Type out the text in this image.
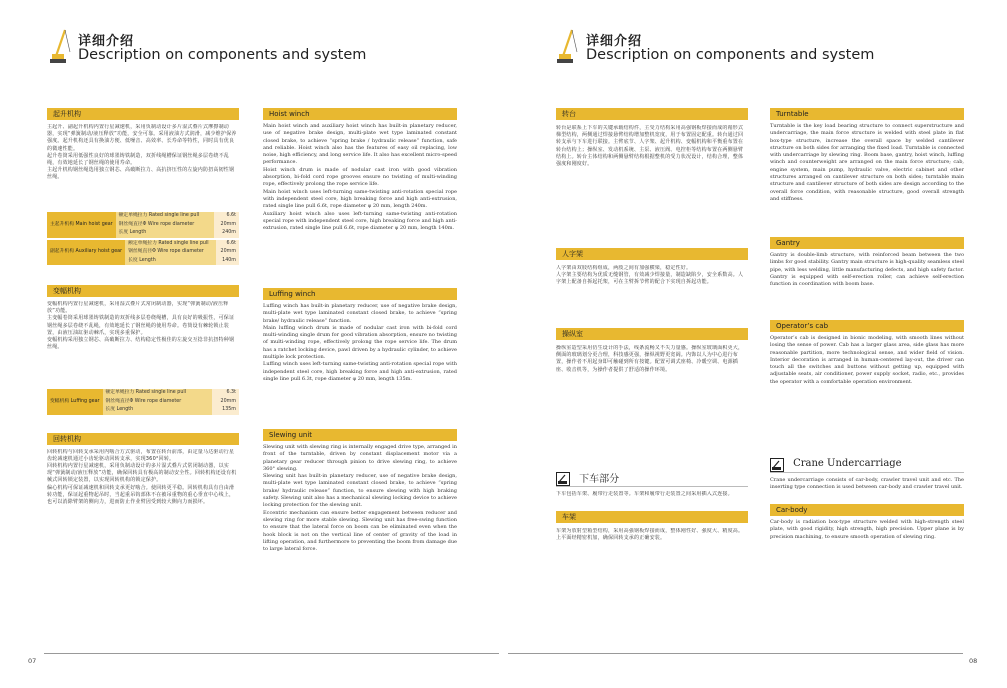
详细介绍
Description on components and system
详细介绍
Description on components and system
起升机构
主起升、副起升机构内置行星减速机，采用负制动设计多片湿式叠片式摩擦制动器，实现“弹簧制动/液压释放”功能，安全可靠。采用液油方式润滑，减少维护保养强度。起升机构还具有换油方便、低噪音、高效率、长寿命等特性，同时具有优良的微速性能。
起升卷筒采用低强性良好的球墨铸铁制造，双折线绳槽保证钢丝绳多层卷绕不乱绳，有效地延长了钢丝绳的使用寿命。
主起升机构钢丝绳选用独立钢芯、高破断拉力、高抗挤压性的左旋内防扭高韧性钢丝绳。
主起升机构 Main hoist gear	额定单绳拉力 Rated single line pull	6.6t
	钢丝绳直径Φ Wire rope diameter	20mm
	长度 Length	240m
副起升机构 Auxiliary hoist gear	额定单绳拉力 Rated single line pull	6.6t
	钢丝绳直径Φ Wire rope diameter	20mm
	长度 Length	140m
变幅机构
变幅机构内置行星减速机，采用湿式叠片式常闭制动器，实现“弹簧制动/液压释放”功能。
主变幅卷筒采用球墨铸铁制造的双折线多层卷绕绳槽，具有良好的吸振性，可保证钢丝绳多层卷绕不乱绳，有效地延长了钢丝绳的使用寿命。卷筒设有棘轮锁止装置，由液压油缸驱动棘爪，实现多重保护。
变幅机构采用独立钢芯、高破断拉力、结构稳定性极佳的左旋交互捻非抗扭特种钢丝绳。
变幅机构 Luffing gear	额定单绳拉力 Rated single line pull	6.3t
	钢丝绳直径Φ Wire rope diameter	20mm
	长度 Length	135m
回转机构
回转机构与回转支承采用内啮合方式驱动，布置在转台前部，由定量马达驱动行星齿轮减速机通过小齿轮驱动回转支承，实现360°回转。
回转机构内置行星减速机，采用负制动设计的多片湿式叠片式常闭制动器，以实现“弹簧制动/液压释放”功能，确保回转具有极高的制动安全性。回转机构还设有机械式回转锁定装置，以实现回转机构的锁定保护。
偏心机构可保证减速机和回转支承更好啮合。使回转更平稳。回转机构具有自由滑转功能，保证起重物起吊时，当起重吊钩部体不在被吊重物的重心垂直中心线上，也可以消除臂架的侧向力，进而防止作业臂因受到较大侧向力而损坏。
Hoist winch
Main hoist winch and auxiliary hoist winch has built-in planetary reducer, use of negative brake design, multi-plate wet type laminated constant closed brake, to achieve “spring brake / hydraulic release” function, safe and reliable. Hoist winch also has the features of easy oil replacing, low noise, high efficiency, and long service life. It also has excellent micro-speed performance.
Hoist winch drum is made of nodular cast iron with good vibration absorption, bi-fold cord rope grooves ensure no twisting of multi-winding rope, effectively prolong the rope service life.
Main hoist winch uses left-turning same-twisting anti-rotation special rope with independent steel core, high breaking force and high anti-extrusion, rated single line pull 6.6t, rope diameter φ 20 mm, length 240m.
Auxiliary hoist winch also uses left-turning same-twisting anti-rotation special rope with independent steel core, high breaking force and high anti-extrusion, rated single line pull 6.6t, rope diameter φ 20 mm, length 140m.
Luffing winch
Luffing winch has built-in planetary reducer, use of negative brake design, multi-plate wet type laminated constant closed brake, to achieve “spring brake/ hydraulic release” function.
Main luffing winch drum is made of nodular cast iron with bi-fold cord multi-winding single drum for good vibration absorption, ensure no twisting of multi-winding rope, effectively prolong the rope service life. The drum has a ratchet locking device, pawl driven by a hydraulic cylinder, to achieve multiple lock protection.
Luffing winch uses left-turning same-twisting anti-rotation special rope with independent steel core, high breaking force and high anti-extrusion, rated single line pull 6.3t, rope diameter φ 20 mm, length 135m.
Slewing unit
Slewing unit with slewing ring is internally engaged drive type, arranged in front of the turntable, driven by constant displacement motor via a planetary gear reducer through pinion to drive slewing ring, to achieve 360° slewing.
Slewing unit has built-in planetary reducer, use of negative brake design, multi-plate wet type laminated constant closed brake, to achieve “spring brake/ hydraulic release” function, to ensure slewing with high braking safety. Slewing unit also has a mechanical slewing locking device to achieve locking protection for the slewing unit.
Eccentric mechanism can ensure better engagement between reducer and slewing ring for more stable slewing. Slewing unit has free-swing function to ensure that the lateral force on boom can be eliminated even when the hook block is not on the vertical line of center of gravity of the load in lifting operation, and furthermore to preventing the boom from damage due to large lateral force.
转台
转台是联系上下车的关键承载结构件，主受力结构采用高强钢板焊接而成的箱形式梯型结构，两侧通过焊接悬臂结构增加整机宽度，用于布置固定配重。转台通过回转支承与下车进行联接。主臂底节、人字架、起升机构、变幅机构和平衡重布置在转台结构上；操纵室、发动机系统、主泵、液压阀、电控柜等结构布置在两侧悬臂结构上。转台主体结构和两侧悬臂结构根据整机的受力状况设计，结构合理，整体强度和刚度好。
人字架
人字架由双肢结构组成，两肢之间有加强横梁，稳定性好。
人字架主要结构为优质无缝钢管，有效减少焊接量，制造缺陷少，安全系数高。人字架上配备自拆起托架，可在主臂拆节臂的配合下实现自拆起功能。
操纵室
操纵室造型采用仿生设计的手法，线条流畅又不失力量感。操纵室玻璃面积更大，侧面的玻璃划分更合理，科技感更强，操纵视野更宽阔。内饰以人为中心进行布置，操作者不用起身即可触碰到所有按键。配置可调式座椅、冷暖空调、电源插座、收音机等，为操作者提供了舒适的操作环境。
下车部分
下车包括车架、履带行走装置等。车架和履带行走装置之间采用插入式连接。
车架
车架为放射型箱型结构，采用高强钢板焊接而成，整体刚性好、强度大、精度高。上平面经精密机加，确保回转支承的正确安装。
Turntable
Turntable is the key load bearing structure to connect superstructure and undercarriage, the main force structure is welded with steel plate in flat box-type structure, increase the overall space by welded cantilever structure on both sides for arranging the fixed load. Turntable is connected with undercarriage by slewing ring. Boom base, gantry, hoist winch, luffing winch and counterweight are arranged on the main force structure; cab, engine system, main pump, hydraulic valve, electric cabinet and other structures arranged on cantilever structure on both sides; turntable main structure and cantilever structure of both sides are design according to the overall force condition, with reasonable structure, good overall strength and stiffness.
Gantry
Gantry is double-limb structure, with reinforced beam between the two limbs for good stability. Gantry main structure is high-quality seamless steel pipe, with less welding, little manufacturing defects, and high safety factor. Gantry is equipped with self-erection roller, can achieve self-erection function in coordination with boom base.
Operator’s cab
Operator’s cab is designed in bionic modeling, with smooth lines without losing the sense of power. Cab has a larger glass area, side glass has more reasonable partition, more technological sense, and wider field of vision. Interior decoration is arranged in human-centered lay-out, the driver can touch all the switches and buttons without getting up, equipped with adjustable seats, air conditioner, power supply socket, radio, etc., provides the operator with a comfortable operation environment.
Crane Undercarriage
Crane undercarriage consists of car-body, crawler travel unit and etc. The inserting type connection is used between car-body and crawler travel unit.
Car-body
Car-body is radiation box-type structure welded with high-strength steel plate, with good rigidity, high strength, high precision. Upper plane is by precision machining, to ensure smooth operation of slewing ring.
07	08
